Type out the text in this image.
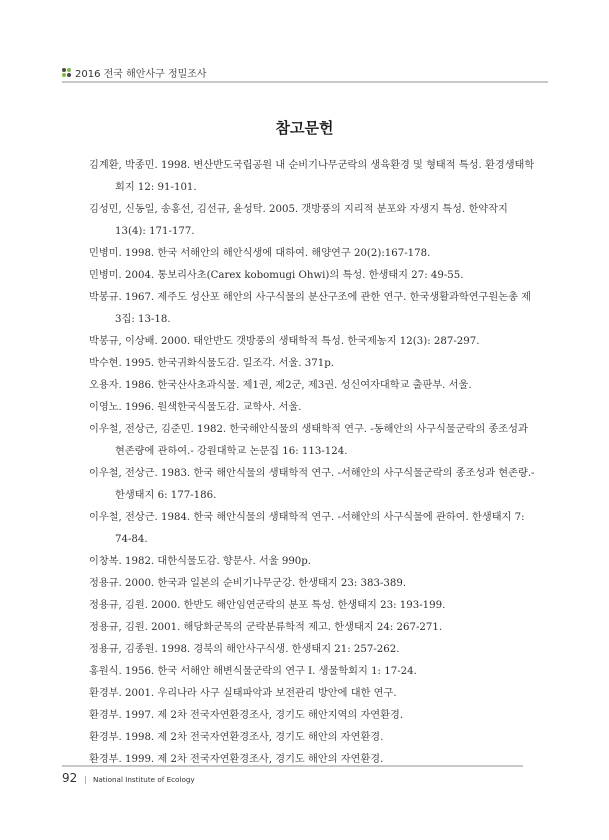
2016 전국 해안사구 정밀조사
참고문헌
김계환, 박종민. 1998. 변산반도국립공원 내 순비기나무군락의 생육환경 및 형태적 특성. 환경생태학회지 12: 91-101.
김성민, 신동일, 송홍선, 김선규, 윤성탁. 2005. 갯방풍의 지리적 분포와 자생지 특성. 한약작지 13(4): 171-177.
민병미. 1998. 한국 서해안의 해안식생에 대하여. 해양연구 20(2):167-178.
민병미. 2004. 통보리사초(Carex kobomugi Ohwi)의 특성. 한생태지 27: 49-55.
박봉규. 1967. 제주도 성산포 해안의 사구식물의 분산구조에 관한 연구. 한국생활과학연구원논총 제3집: 13-18.
박봉규, 이상배. 2000. 태안반도 갯방풍의 생태학적 특성. 한국제농지 12(3): 287-297.
박수현. 1995. 한국귀화식물도감. 일조각. 서울. 371p.
오용자. 1986. 한국산사초과식물. 제1권, 제2군, 제3권. 성신여자대학교 출판부. 서울.
이영노. 1996. 원색한국식물도감. 교학사. 서울.
이우철, 전상근, 김준민. 1982. 한국해안식물의 생태학적 연구. -동해안의 사구식물군락의 종조성과 현존량에 관하여.- 강원대학교 논문집 16: 113-124.
이우철, 전상근. 1983. 한국 해안식물의 생태학적 연구. -서해안의 사구식물군락의 종조성과 현존량.- 한생태지 6: 177-186.
이우철, 전상근. 1984. 한국 해안식물의 생태학적 연구. -서해안의 사구식물에 관하여. 한생태지 7: 74-84.
이창복. 1982. 대한식물도감. 향문사. 서울 990p.
정용규. 2000. 한국과 일본의 순비기나무군강. 한생태지 23: 383-389.
정용규, 김원. 2000. 한반도 해안임연군락의 분포 특성. 한생태지 23: 193-199.
정용규, 김원. 2001. 해당화군목의 군락분류학적 제고. 한생태지 24: 267-271.
정용규, 김종원. 1998. 경북의 해안사구식생. 한생태지 21: 257-262.
홍원식. 1956. 한국 서해안 해변식물군락의 연구 Ⅰ. 생물학회지 1: 17-24.
환경부. 2001. 우리나라 사구 실태파악과 보전관리 방안에 대한 연구.
환경부. 1997. 제 2차 전국자연환경조사, 경기도 해안지역의 자연환경.
환경부. 1998. 제 2차 전국자연환경조사, 경기도 해안의 자연환경.
환경부. 1999. 제 2차 전국자연환경조사, 경기도 해안의 자연환경.
92 | National Institute of Ecology
